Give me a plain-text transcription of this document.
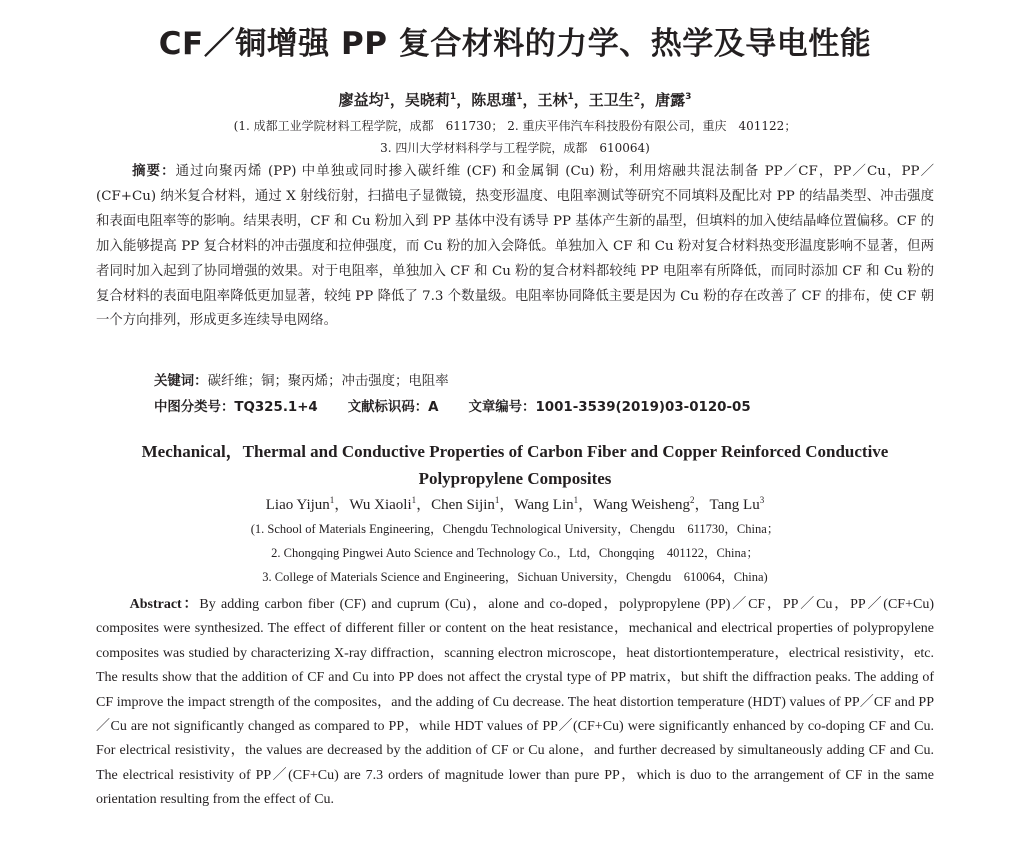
CF／铜增强 PP 复合材料的力学、热学及导电性能
廖益均$^1$，吴晓莉$^1$，陈思瑾$^1$，王林$^1$，王卫生$^2$，唐露$^3$
(1. 成都工业学院材料工程学院，成都　611730； 2. 重庆平伟汽车科技股份有限公司，重庆　401122；
3. 四川大学材料科学与工程学院，成都　610064)
摘要：通过向聚丙烯 (PP) 中单独或同时掺入碳纤维 (CF) 和金属铜 (Cu) 粉，利用熔融共混法制备 PP／CF，PP／Cu，PP／(CF+Cu) 纳米复合材料，通过 X 射线衍射，扫描电子显微镜，热变形温度、电阻率测试等研究不同填料及配比对 PP 的结晶类型、冲击强度和表面电阻率等的影响。结果表明，CF 和 Cu 粉加入到 PP 基体中没有诱导 PP 基体产生新的晶型，但填料的加入使结晶峰位置偏移。CF 的加入能够提高 PP 复合材料的冲击强度和拉伸强度，而 Cu 粉的加入会降低。单独加入 CF 和 Cu 粉对复合材料热变形温度影响不显著，但两者同时加入起到了协同增强的效果。对于电阻率，单独加入 CF 和 Cu 粉的复合材料都较纯 PP 电阻率有所降低，而同时添加 CF 和 Cu 粉的复合材料的表面电阻率降低更加显著，较纯 PP 降低了 7.3 个数量级。电阻率协同降低主要是因为 Cu 粉的存在改善了 CF 的排布，使 CF 朝一个方向排列，形成更多连续导电网络。
关键词：碳纤维；铜；聚丙烯；冲击强度；电阻率
中图分类号：TQ325.1+4 文献标识码：A 文章编号：1001-3539(2019)03-0120-05
Mechanical，Thermal and Conductive Properties of Carbon Fiber and Copper Reinforced Conductive Polypropylene Composites
Liao Yijun$^1$，Wu Xiaoli$^1$，Chen Sijin$^1$，Wang Lin$^1$，Wang Weisheng$^2$，Tang Lu$^3$
(1. School of Materials Engineering，Chengdu Technological University，Chengdu　611730，China；
2. Chongqing Pingwei Auto Science and Technology Co.，Ltd，Chongqing　401122，China；
3. College of Materials Science and Engineering，Sichuan University，Chengdu　610064，China)
Abstract：By adding carbon fiber (CF) and cuprum (Cu)，alone and co-doped，polypropylene (PP)／CF，PP／Cu，PP／(CF+Cu) composites were synthesized. The effect of different filler or content on the heat resistance，mechanical and electrical properties of polypropylene composites was studied by characterizing X-ray diffraction，scanning electron microscope，heat distortiontemperature，electrical resistivity，etc. The results show that the addition of CF and Cu into PP does not affect the crystal type of PP matrix，but shift the diffraction peaks. The adding of CF improve the impact strength of the composites，and the adding of Cu decrease. The heat distortion temperature (HDT) values of PP／CF and PP／Cu are not significantly changed as compared to PP，while HDT values of PP／(CF+Cu) were significantly enhanced by co-doping CF and Cu. For electrical resistivity，the values are decreased by the addition of CF or Cu alone，and further decreased by simultaneously adding CF and Cu. The electrical resistivity of PP／(CF+Cu) are 7.3 orders of magnitude lower than pure PP，which is duo to the arrangement of CF in the same orientation resulting from the effect of Cu.
